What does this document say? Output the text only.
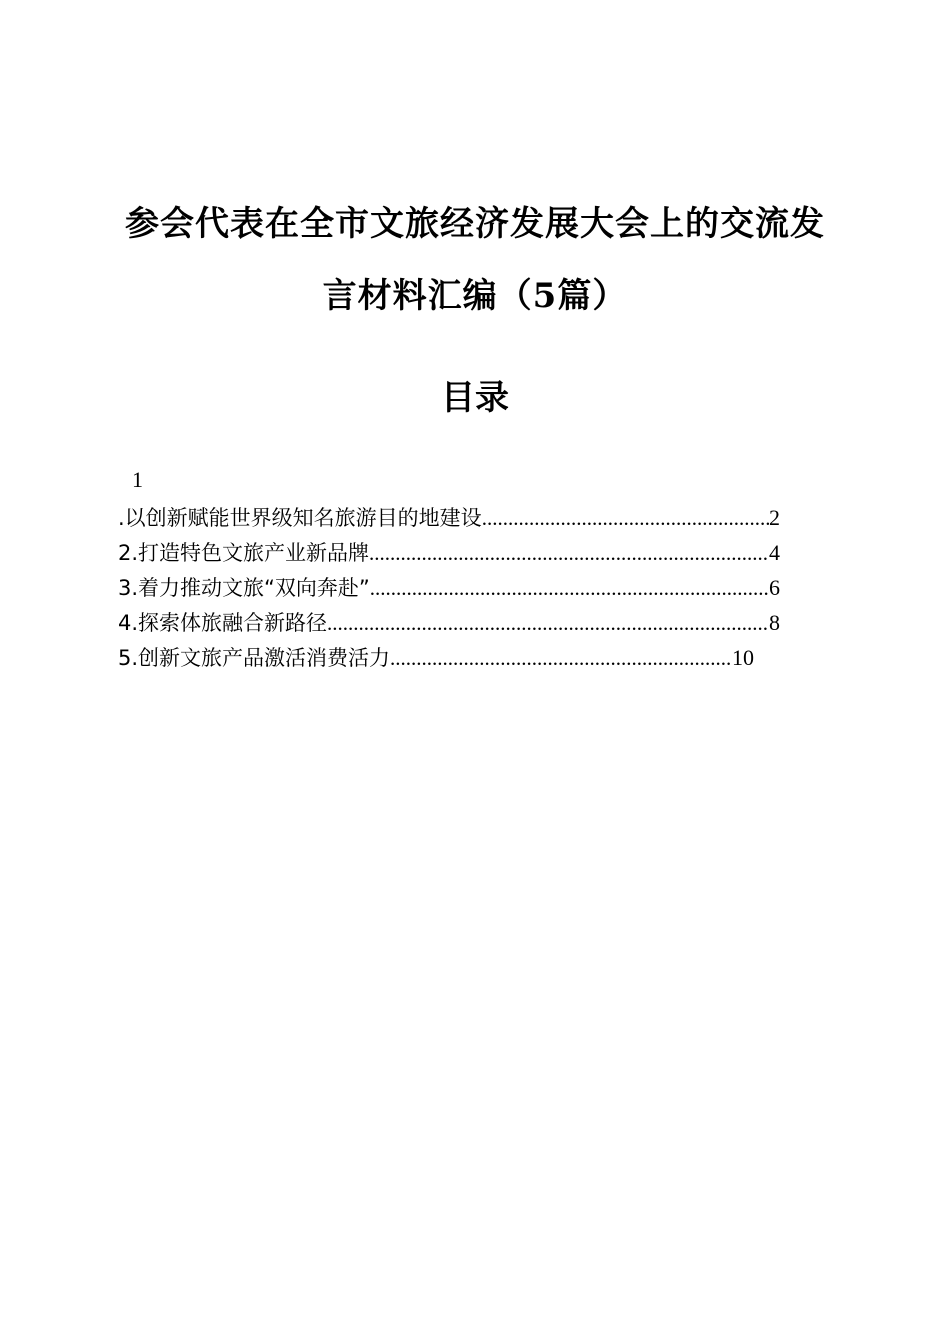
参会代表在全市文旅经济发展大会上的交流发
言材料汇编（5篇）
目录
1
.以创新赋能世界级知名旅游目的地建设 .....	2
2.打造特色文旅产业新品牌 .....	4
3.着力推动文旅“双向奔赴” .....	6
4.探索体旅融合新路径 .....	8
5.创新文旅产品激活消费活力 .....	10
